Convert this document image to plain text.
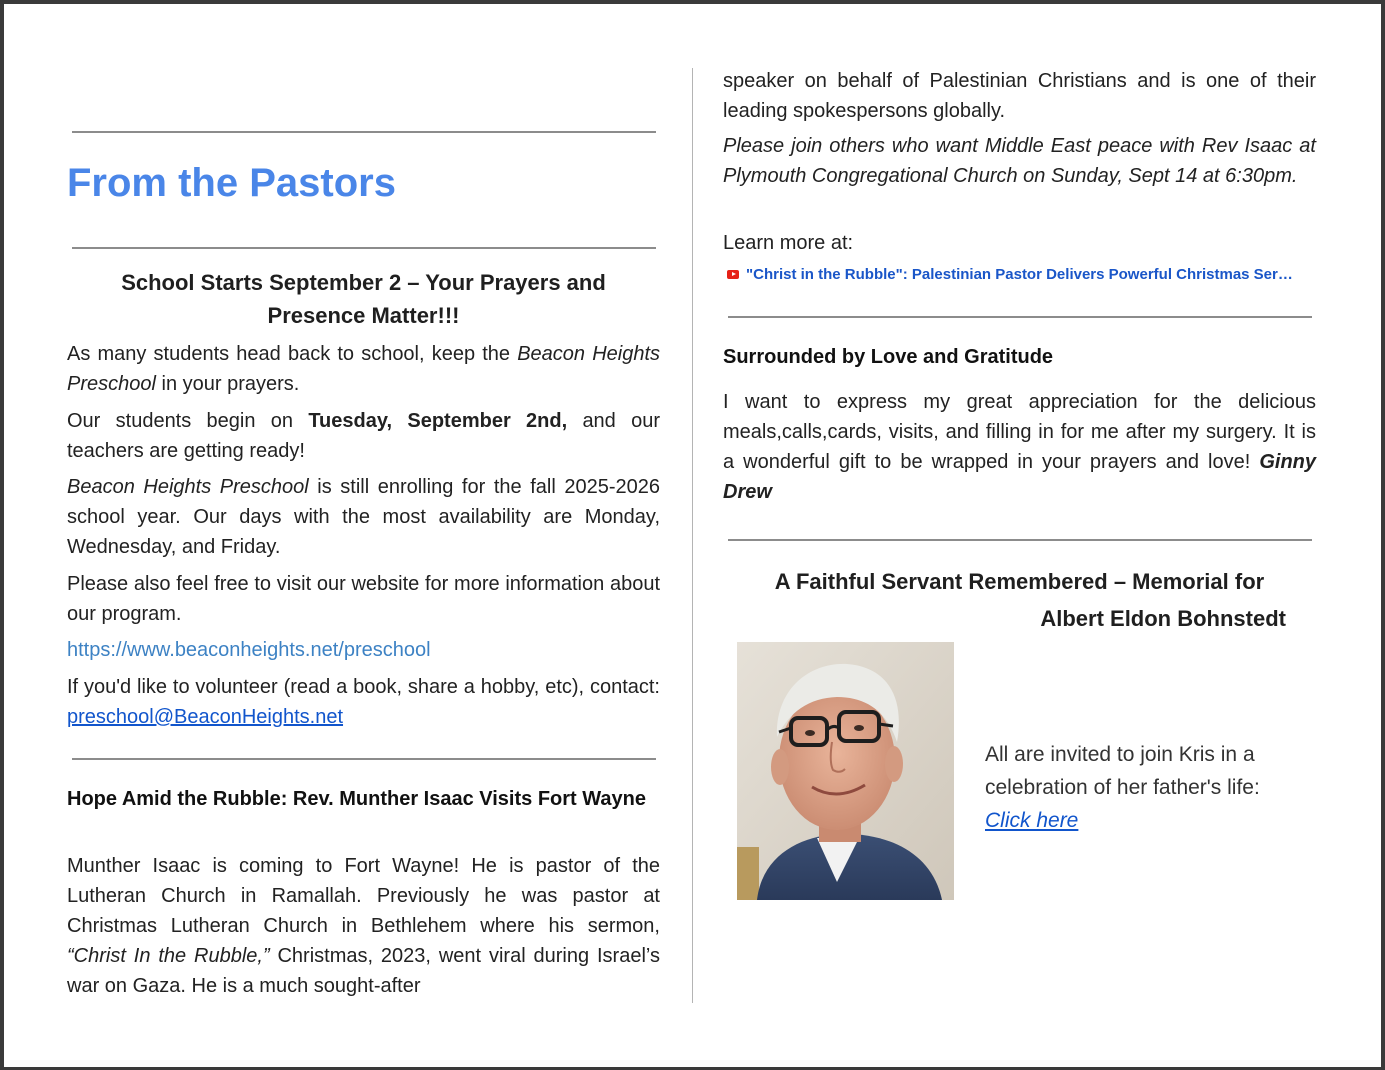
From the Pastors

School Starts September 2 – Your Prayers and

Presence Matter!!!

As many students head back to school, keep the Beacon Heights Preschool in your prayers.

Our students begin on Tuesday, September 2nd, and our teachers are getting ready!

Beacon Heights Preschool is still enrolling for the fall 2025-2026 school year. Our days with the most availability are Monday, Wednesday, and Friday.

Please also feel free to visit our website for more information about our program.

https://www.beaconheights.net/preschool

If you'd like to volunteer (read a book, share a hobby, etc), contact: preschool@BeaconHeights.net

Hope Amid the Rubble: Rev. Munther Isaac Visits Fort Wayne

Munther Isaac is coming to Fort Wayne! He is pastor of the Lutheran Church in Ramallah. Previously he was pastor at Christmas Lutheran Church in Bethlehem where his sermon, “Christ In the Rubble,” Christmas, 2023, went viral during Israel’s war on Gaza. He is a much sought-after

speaker on behalf of Palestinian Christians and is one of their leading spokespersons globally.

Please join others who want Middle East peace with Rev Isaac at Plymouth Congregational Church on Sunday, Sept 14 at 6:30pm.

Learn more at:

"Christ in the Rubble": Palestinian Pastor Delivers Powerful Christmas Ser…

Surrounded by Love and Gratitude

I want to express my great appreciation for the delicious meals,calls,cards, visits, and filling in for me after my surgery. It is a wonderful gift to be wrapped in your prayers and love! Ginny Drew

A Faithful Servant Remembered – Memorial for

Albert Eldon Bohnstedt

All are invited to join Kris in a
celebration of her father's life:
Click here
